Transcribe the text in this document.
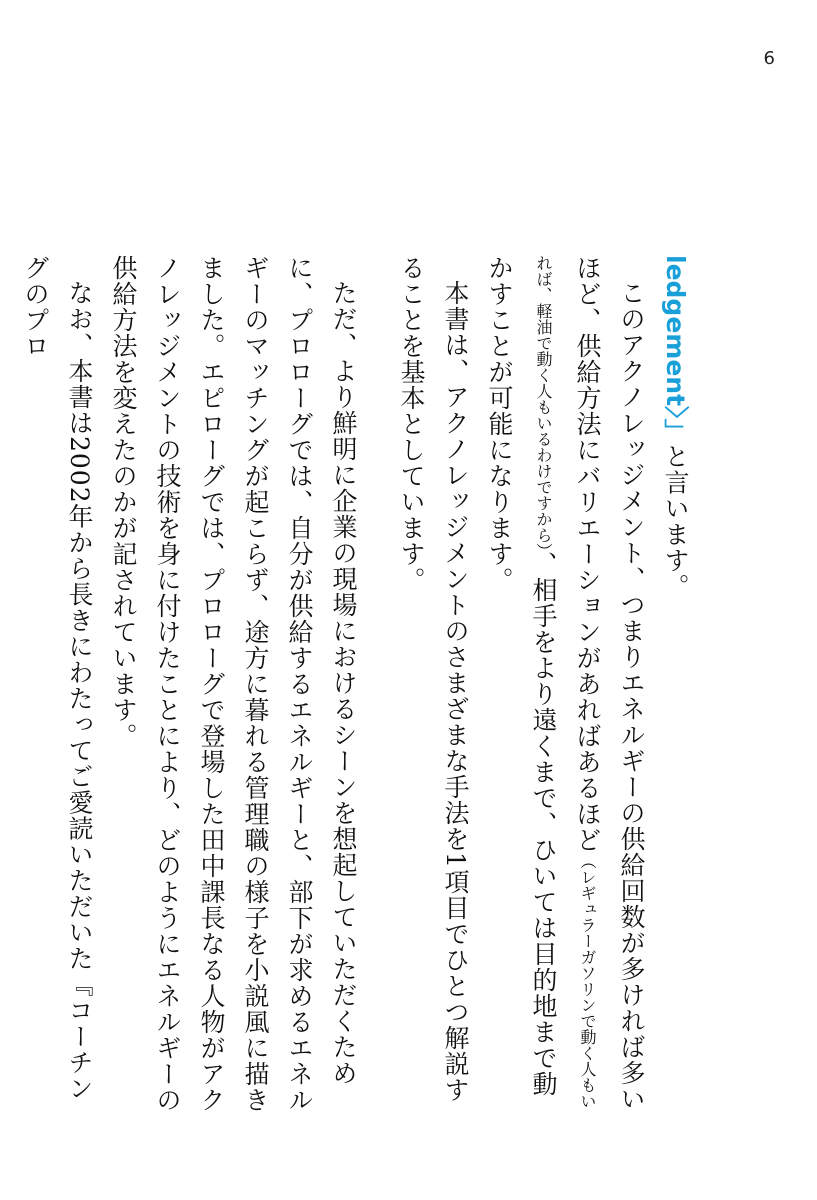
6

ledgement〉」と言います。

このアクノレッジメント、つまりエネルギーの供給回数が多ければ多いほど、供給方法にバリエーションがあればあるほど（レギュラーガソリンで動く人もいれば、軽油で動く人もいるわけですから）、相手をより遠くまで、ひいては目的地まで動かすことが可能になります。

本書は、アクノレッジメントのさまざまな手法を1項目でひとつ解説することを基本としています。

ただ、より鮮明に企業の現場におけるシーンを想起していただくために、プロローグでは、自分が供給するエネルギーと、部下が求めるエネルギーのマッチングが起こらず、途方に暮れる管理職の様子を小説風に描きました。エピローグでは、プロローグで登場した田中課長なる人物がアクノレッジメントの技術を身に付けたことにより、どのようにエネルギーの供給方法を変えたのかが記されています。

なお、本書は2002年から長きにわたってご愛読いただいた『コーチングのプロ
